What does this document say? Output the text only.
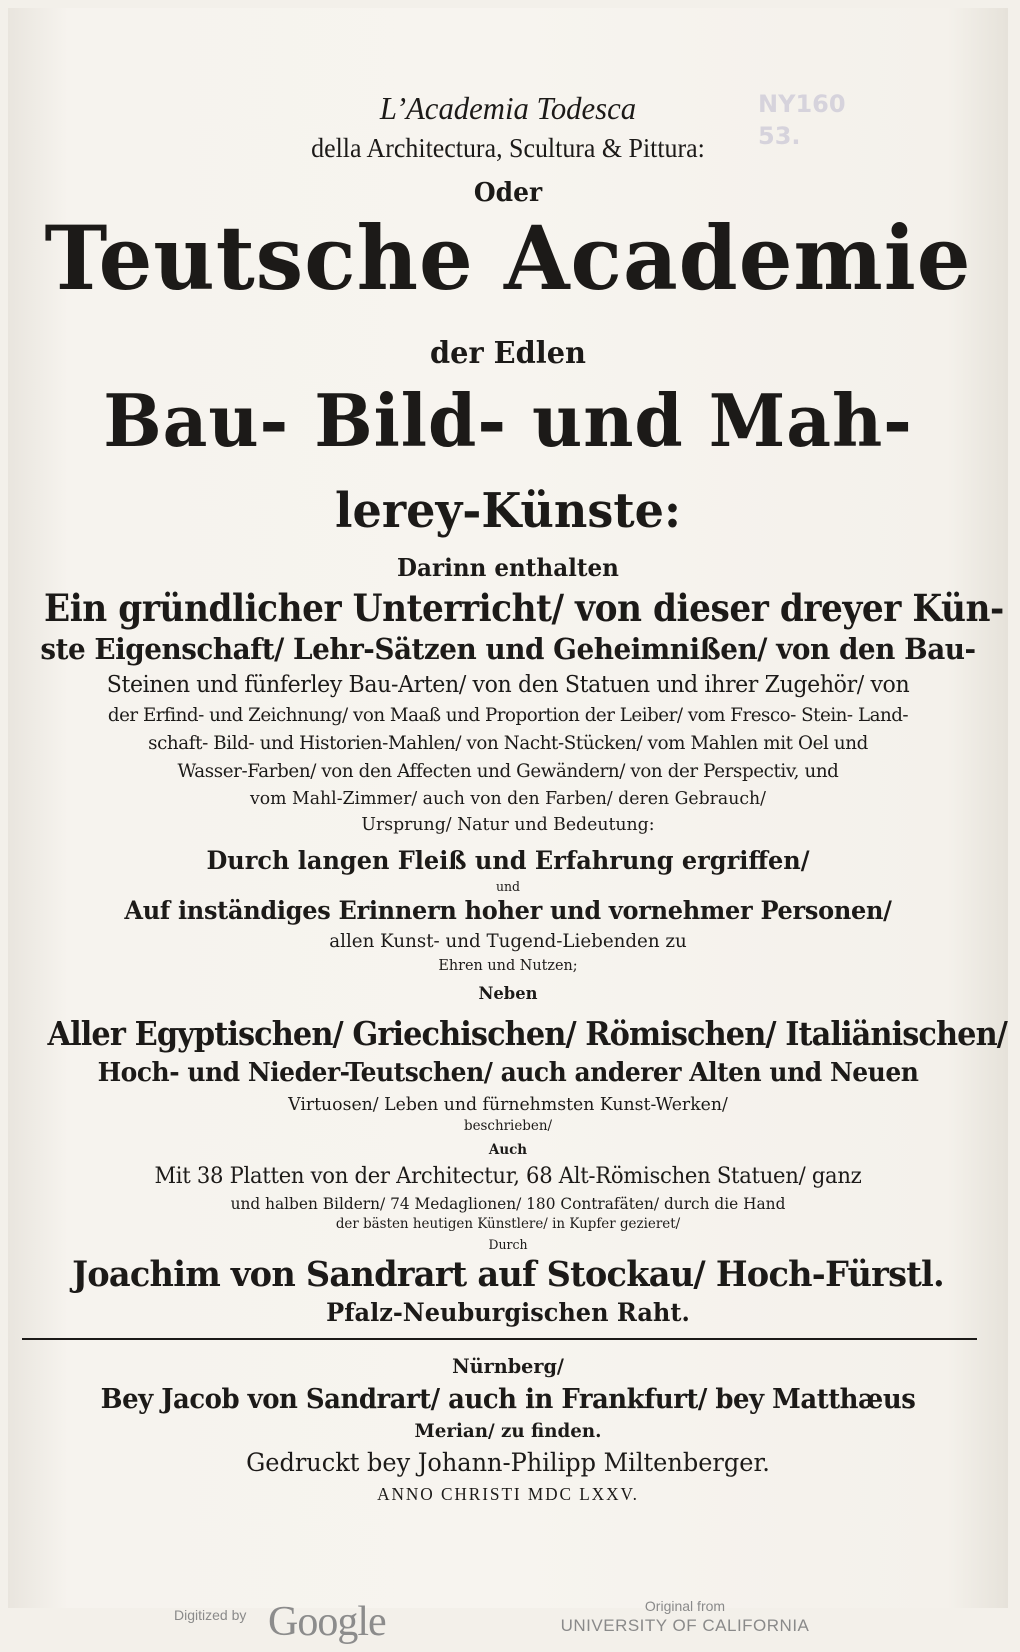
NY160
53.
L’Academia Todesca
della Architectura, Scultura & Pittura:
Oder
Teutsche Academie
der Edlen
Bau- Bild- und Mah-
lerey-Künste:
Darinn enthalten
Ein gründlicher Unterricht/ von dieser dreyer Kün-
ste Eigenschaft/ Lehr-Sätzen und Geheimnißen/ von den Bau-
Steinen und fünferley Bau-Arten/ von den Statuen und ihrer Zugehör/ von
der Erfind- und Zeichnung/ von Maaß und Proportion der Leiber/ vom Fresco- Stein- Land-
schaft- Bild- und Historien-Mahlen/ von Nacht-Stücken/ vom Mahlen mit Oel und
Wasser-Farben/ von den Affecten und Gewändern/ von der Perspectiv, und
vom Mahl-Zimmer/ auch von den Farben/ deren Gebrauch/
Ursprung/ Natur und Bedeutung:
Durch langen Fleiß und Erfahrung ergriffen/
und
Auf inständiges Erinnern hoher und vornehmer Personen/
allen Kunst- und Tugend-Liebenden zu
Ehren und Nutzen;
Neben
Aller Egyptischen/ Griechischen/ Römischen/ Italiänischen/
Hoch- und Nieder-Teutschen/ auch anderer Alten und Neuen
Virtuosen/ Leben und fürnehmsten Kunst-Werken/
beschrieben/
Auch
Mit 38 Platten von der Architectur, 68 Alt-Römischen Statuen/ ganz
und halben Bildern/ 74 Medaglionen/ 180 Contrafäten/ durch die Hand
der bästen heutigen Künstlere/ in Kupfer gezieret/
Durch
Joachim von Sandrart auf Stockau/ Hoch-Fürstl.
Pfalz-Neuburgischen Raht.
Nürnberg/
Bey Jacob von Sandrart/ auch in Frankfurt/ bey Matthæus
Merian/ zu finden.
Gedruckt bey Johann-Philipp Miltenberger.
ANNO CHRISTI MDC LXXV.
Digitized by Google	Original from
UNIVERSITY OF CALIFORNIA
